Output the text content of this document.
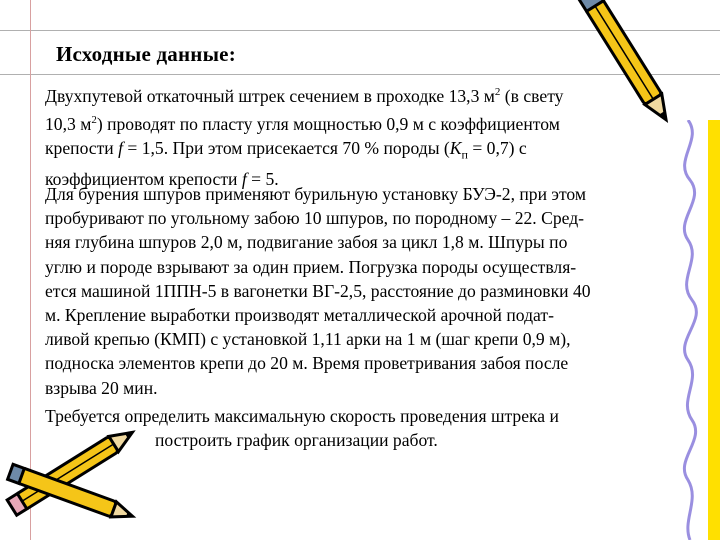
Исходные данные:

Двухпутевой откаточный штрек сечением в проходке 13,3 $м^2$ (в свету
10,3 $м^2$) проводят по пласту угля мощностью 0,9 м с коэффициентом
крепости f = 1,5. При этом присекается 70 % породы $(K_п = 0,7)$ с
коэффициентом крепости f = 5.

Для бурения шпуров применяют бурильную установку БУЭ-2, при этом
пробуривают по угольному забою 10 шпуров, по породному – 22. Сред-
няя глубина шпуров 2,0 м, подвигание забоя за цикл 1,8 м. Шпуры по
углю и породе взрывают за один прием. Погрузка породы осуществля-
ется машиной 1ППН-5 в вагонетки ВГ-2,5, расстояние до разминовки 40
м. Крепление выработки производят металлической арочной подат-
ливой крепью (КМП) с установкой 1,11 арки на 1 м (шаг крепи 0,9 м),
подноска элементов крепи до 20 м. Время проветривания забоя после
взрыва 20 мин.

Требуется определить максимальную скорость проведения штрека и
построить график организации работ.
